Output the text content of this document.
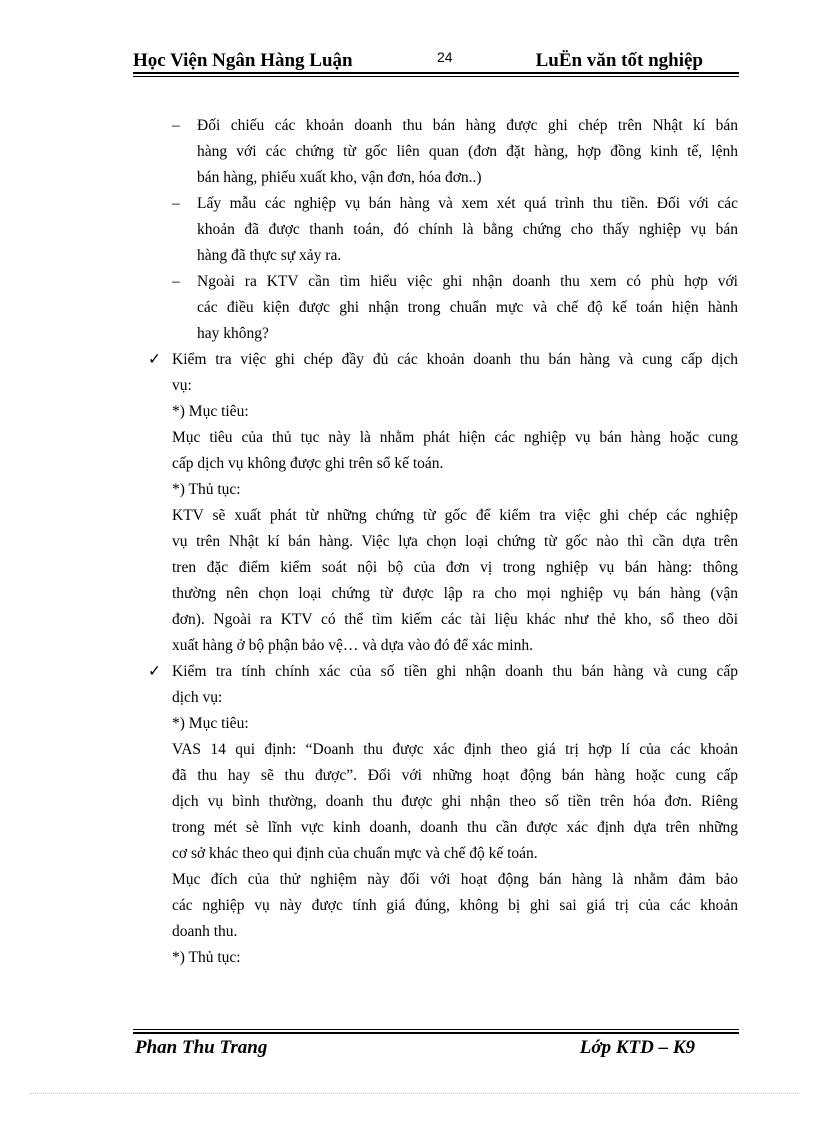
Học Viện Ngân Hàng Luận	24	LuËn văn tốt nghiệp
– Đối chiếu các khoản doanh thu bán hàng được ghi chép trên Nhật kí bán
hàng với các chứng từ gốc liên quan (đơn đặt hàng, hợp đồng kinh tế, lệnh
bán hàng, phiếu xuất kho, vận đơn, hóa đơn..)
– Lấy mẫu các nghiệp vụ bán hàng và xem xét quá trình thu tiền. Đối với các
khoản đã được thanh toán, đó chính là bằng chứng cho thấy nghiệp vụ bán
hàng đã thực sự xảy ra.
– Ngoài ra KTV cần tìm hiểu việc ghi nhận doanh thu xem có phù hợp với
các điều kiện được ghi nhận trong chuẩn mực và chế độ kế toán hiện hành
hay không?
✓ Kiểm tra việc ghi chép đầy đủ các khoản doanh thu bán hàng và cung cấp dịch
vụ:
*) Mục tiêu:
Mục tiêu của thủ tục này là nhằm phát hiện các nghiệp vụ bán hàng hoặc cung
cấp dịch vụ không được ghi trên sổ kế toán.
*) Thủ tục:
KTV sẽ xuất phát từ những chứng từ gốc để kiểm tra việc ghi chép các nghiệp
vụ trên Nhật kí bán hàng. Việc lựa chọn loại chứng từ gốc nào thì cần dựa trên
tren đặc điểm kiểm soát nội bộ của đơn vị trong nghiệp vụ bán hàng: thông
thường nên chọn loại chứng từ được lập ra cho mọi nghiệp vụ bán hàng (vận
đơn). Ngoài ra KTV có thể tìm kiếm các tài liệu khác như thẻ kho, sổ theo dõi
xuất hàng ở bộ phận bảo vệ… và dựa vào đó để xác minh.
✓ Kiểm tra tính chính xác của số tiền ghi nhận doanh thu bán hàng và cung cấp
dịch vụ:
*) Mục tiêu:
VAS 14 qui định: “Doanh thu được xác định theo giá trị hợp lí của các khoản
đã thu hay sẽ thu được”. Đối với những hoạt động bán hàng hoặc cung cấp
dịch vụ bình thường, doanh thu được ghi nhận theo số tiền trên hóa đơn. Riêng
trong mét sè lĩnh vực kinh doanh, doanh thu cần được xác định dựa trên những
cơ sở khác theo qui định của chuẩn mực và chế độ kế toán.
Mục đích của thử nghiệm này đối với hoạt động bán hàng là nhằm đảm bảo
các nghiệp vụ này được tính giá đúng, không bị ghi sai giá trị của các khoản
doanh thu.
*) Thủ tục:
Phan Thu Trang	Lớp KTD – K9
